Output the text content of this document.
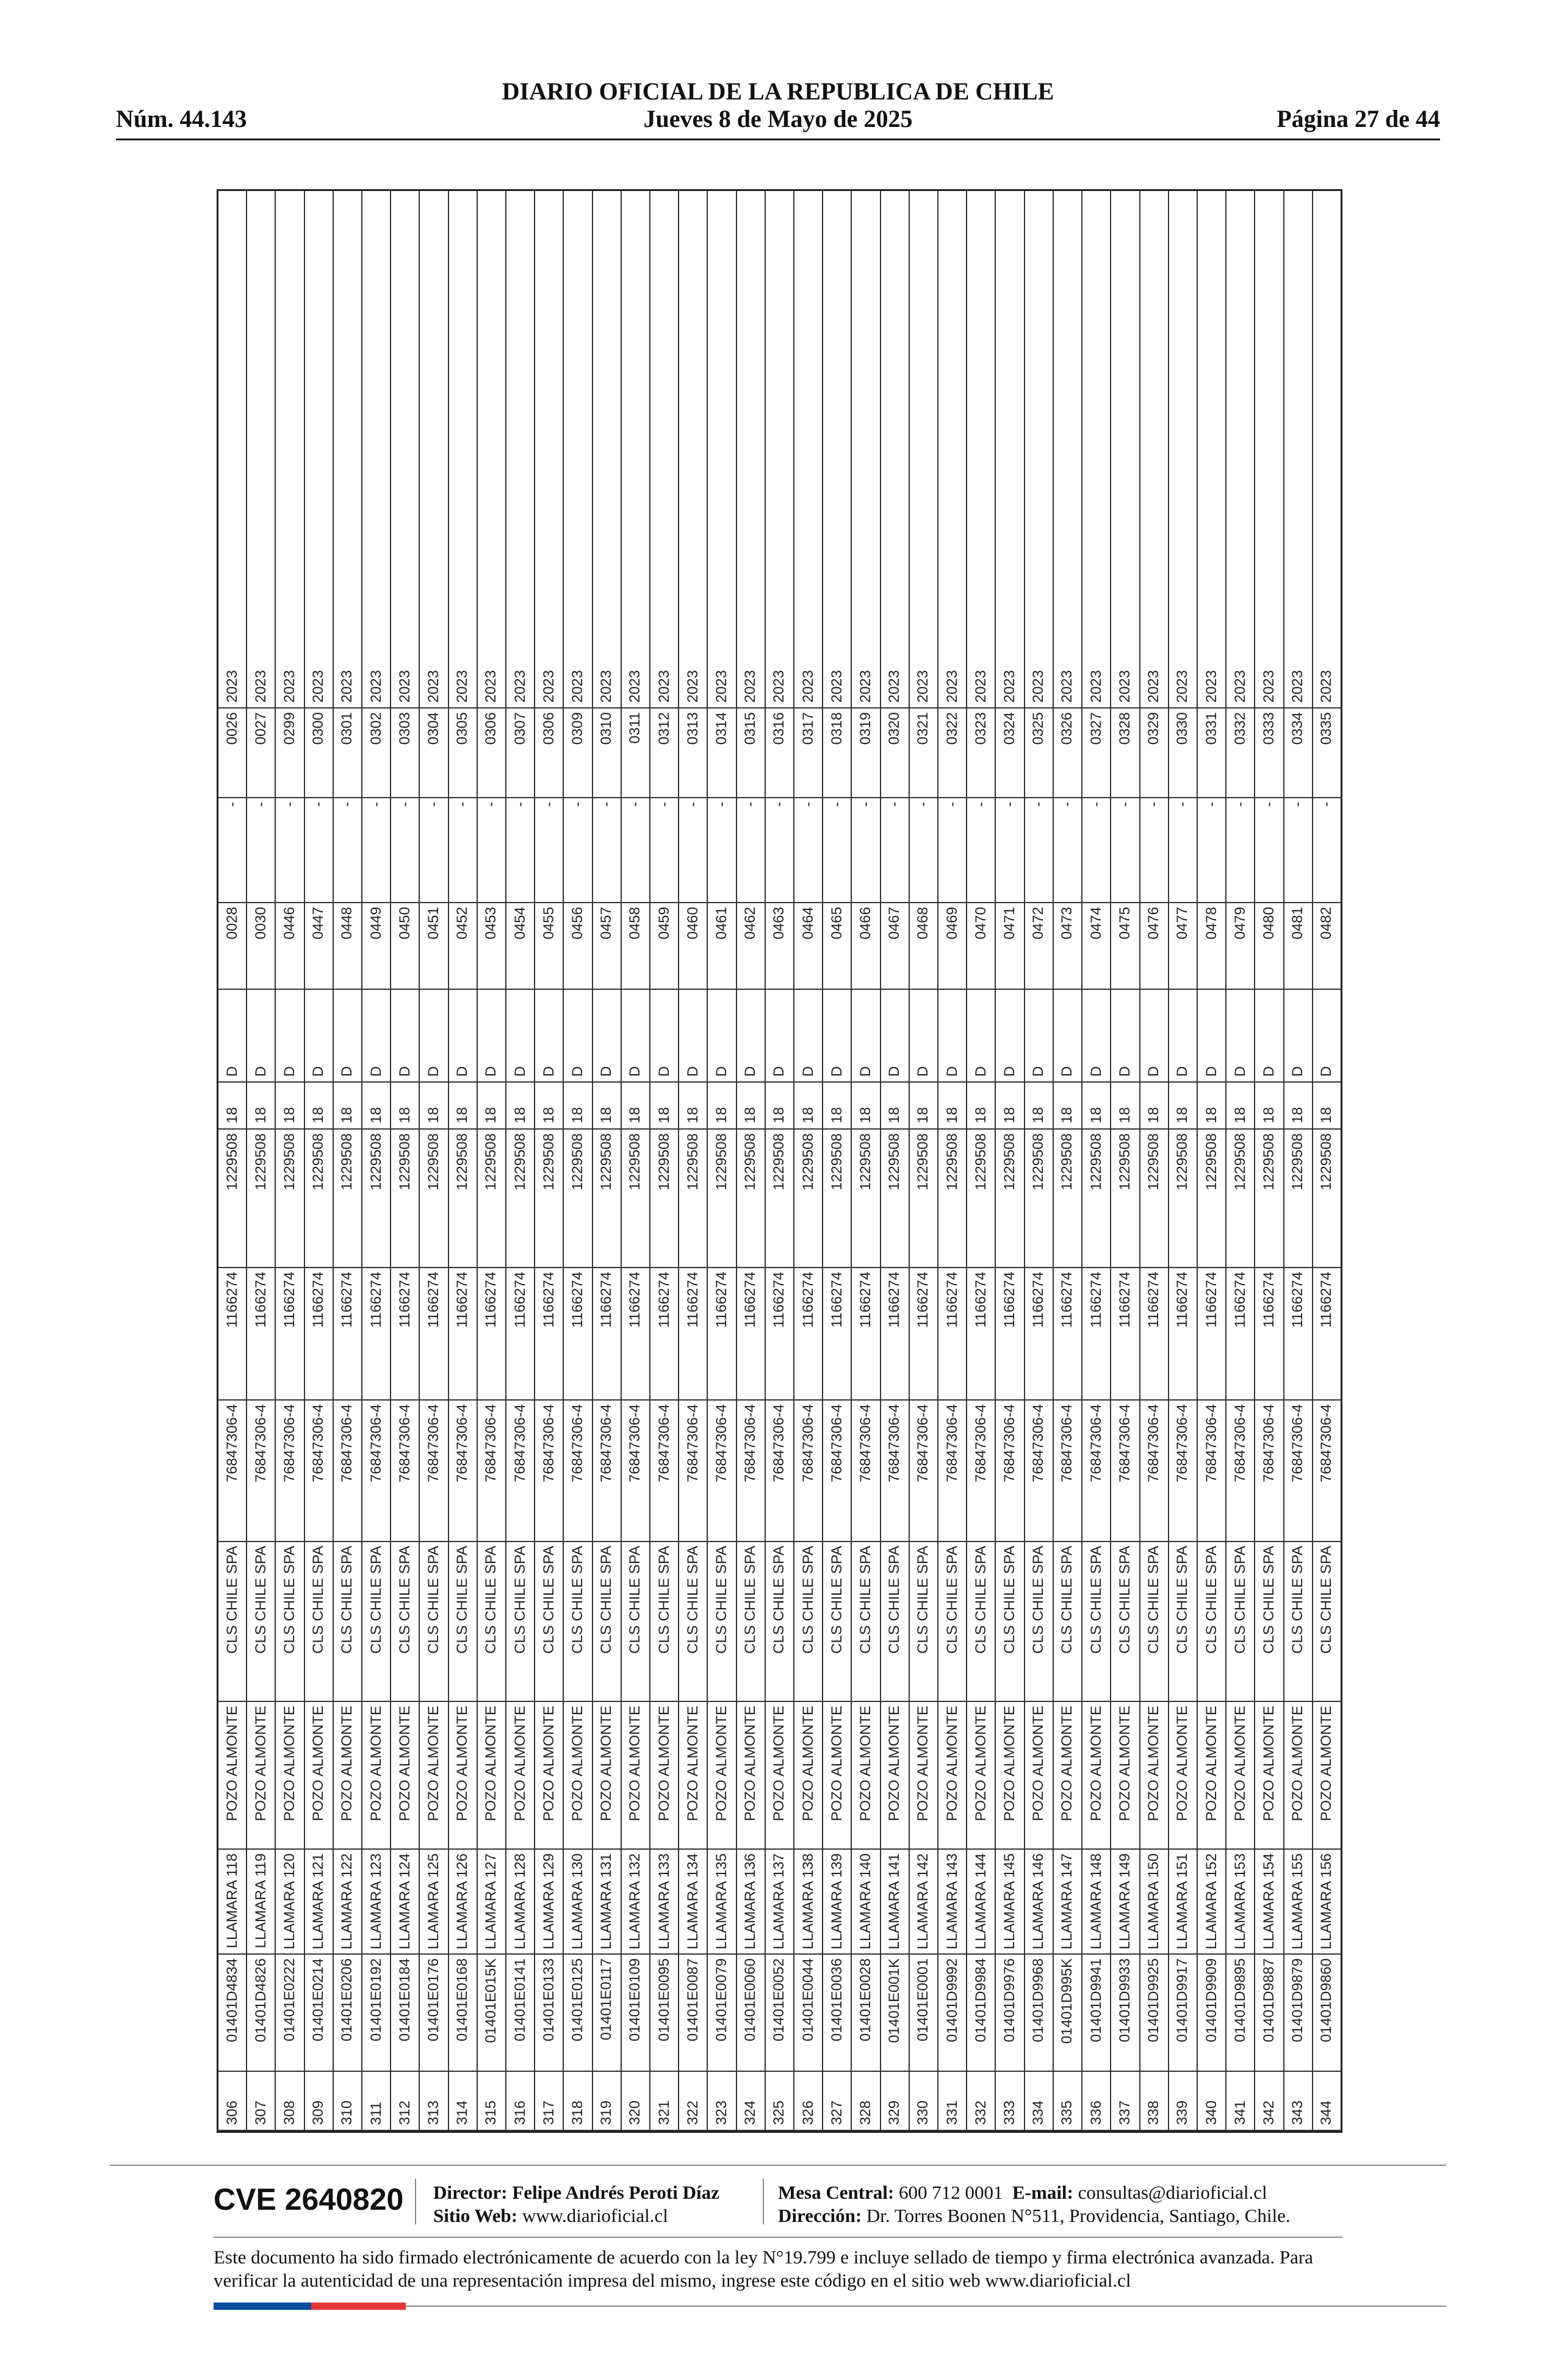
Núm. 44.143
DIARIO OFICIAL DE LA REPUBLICA DE CHILE
Jueves 8 de Mayo de 2025	Página 27 de 44
306
01401D4834
LLAMARA 118
POZO ALMONTE
CLS CHILE SPA
76847306-4
1166274
1229508
18
D
0028
-
0026
2023
307
01401D4826
LLAMARA 119
POZO ALMONTE
CLS CHILE SPA
76847306-4
1166274
1229508
18
D
0030
-
0027
2023
308
01401E0222
LLAMARA 120
POZO ALMONTE
CLS CHILE SPA
76847306-4
1166274
1229508
18
D
0446
-
0299
2023
309
01401E0214
LLAMARA 121
POZO ALMONTE
CLS CHILE SPA
76847306-4
1166274
1229508
18
D
0447
-
0300
2023
310
01401E0206
LLAMARA 122
POZO ALMONTE
CLS CHILE SPA
76847306-4
1166274
1229508
18
D
0448
-
0301
2023
311
01401E0192
LLAMARA 123
POZO ALMONTE
CLS CHILE SPA
76847306-4
1166274
1229508
18
D
0449
-
0302
2023
312
01401E0184
LLAMARA 124
POZO ALMONTE
CLS CHILE SPA
76847306-4
1166274
1229508
18
D
0450
-
0303
2023
313
01401E0176
LLAMARA 125
POZO ALMONTE
CLS CHILE SPA
76847306-4
1166274
1229508
18
D
0451
-
0304
2023
314
01401E0168
LLAMARA 126
POZO ALMONTE
CLS CHILE SPA
76847306-4
1166274
1229508
18
D
0452
-
0305
2023
315
01401E015K
LLAMARA 127
POZO ALMONTE
CLS CHILE SPA
76847306-4
1166274
1229508
18
D
0453
-
0306
2023
316
01401E0141
LLAMARA 128
POZO ALMONTE
CLS CHILE SPA
76847306-4
1166274
1229508
18
D
0454
-
0307
2023
317
01401E0133
LLAMARA 129
POZO ALMONTE
CLS CHILE SPA
76847306-4
1166274
1229508
18
D
0455
-
0306
2023
318
01401E0125
LLAMARA 130
POZO ALMONTE
CLS CHILE SPA
76847306-4
1166274
1229508
18
D
0456
-
0309
2023
319
01401E0117
LLAMARA 131
POZO ALMONTE
CLS CHILE SPA
76847306-4
1166274
1229508
18
D
0457
-
0310
2023
320
01401E0109
LLAMARA 132
POZO ALMONTE
CLS CHILE SPA
76847306-4
1166274
1229508
18
D
0458
-
0311
2023
321
01401E0095
LLAMARA 133
POZO ALMONTE
CLS CHILE SPA
76847306-4
1166274
1229508
18
D
0459
-
0312
2023
322
01401E0087
LLAMARA 134
POZO ALMONTE
CLS CHILE SPA
76847306-4
1166274
1229508
18
D
0460
-
0313
2023
323
01401E0079
LLAMARA 135
POZO ALMONTE
CLS CHILE SPA
76847306-4
1166274
1229508
18
D
0461
-
0314
2023
324
01401E0060
LLAMARA 136
POZO ALMONTE
CLS CHILE SPA
76847306-4
1166274
1229508
18
D
0462
-
0315
2023
325
01401E0052
LLAMARA 137
POZO ALMONTE
CLS CHILE SPA
76847306-4
1166274
1229508
18
D
0463
-
0316
2023
326
01401E0044
LLAMARA 138
POZO ALMONTE
CLS CHILE SPA
76847306-4
1166274
1229508
18
D
0464
-
0317
2023
327
01401E0036
LLAMARA 139
POZO ALMONTE
CLS CHILE SPA
76847306-4
1166274
1229508
18
D
0465
-
0318
2023
328
01401E0028
LLAMARA 140
POZO ALMONTE
CLS CHILE SPA
76847306-4
1166274
1229508
18
D
0466
-
0319
2023
329
01401E001K
LLAMARA 141
POZO ALMONTE
CLS CHILE SPA
76847306-4
1166274
1229508
18
D
0467
-
0320
2023
330
01401E0001
LLAMARA 142
POZO ALMONTE
CLS CHILE SPA
76847306-4
1166274
1229508
18
D
0468
-
0321
2023
331
01401D9992
LLAMARA 143
POZO ALMONTE
CLS CHILE SPA
76847306-4
1166274
1229508
18
D
0469
-
0322
2023
332
01401D9984
LLAMARA 144
POZO ALMONTE
CLS CHILE SPA
76847306-4
1166274
1229508
18
D
0470
-
0323
2023
333
01401D9976
LLAMARA 145
POZO ALMONTE
CLS CHILE SPA
76847306-4
1166274
1229508
18
D
0471
-
0324
2023
334
01401D9968
LLAMARA 146
POZO ALMONTE
CLS CHILE SPA
76847306-4
1166274
1229508
18
D
0472
-
0325
2023
335
01401D995K
LLAMARA 147
POZO ALMONTE
CLS CHILE SPA
76847306-4
1166274
1229508
18
D
0473
-
0326
2023
336
01401D9941
LLAMARA 148
POZO ALMONTE
CLS CHILE SPA
76847306-4
1166274
1229508
18
D
0474
-
0327
2023
337
01401D9933
LLAMARA 149
POZO ALMONTE
CLS CHILE SPA
76847306-4
1166274
1229508
18
D
0475
-
0328
2023
338
01401D9925
LLAMARA 150
POZO ALMONTE
CLS CHILE SPA
76847306-4
1166274
1229508
18
D
0476
-
0329
2023
339
01401D9917
LLAMARA 151
POZO ALMONTE
CLS CHILE SPA
76847306-4
1166274
1229508
18
D
0477
-
0330
2023
340
01401D9909
LLAMARA 152
POZO ALMONTE
CLS CHILE SPA
76847306-4
1166274
1229508
18
D
0478
-
0331
2023
341
01401D9895
LLAMARA 153
POZO ALMONTE
CLS CHILE SPA
76847306-4
1166274
1229508
18
D
0479
-
0332
2023
342
01401D9887
LLAMARA 154
POZO ALMONTE
CLS CHILE SPA
76847306-4
1166274
1229508
18
D
0480
-
0333
2023
343
01401D9879
LLAMARA 155
POZO ALMONTE
CLS CHILE SPA
76847306-4
1166274
1229508
18
D
0481
-
0334
2023
344
01401D9860
LLAMARA 156
POZO ALMONTE
CLS CHILE SPA
76847306-4
1166274
1229508
18
D
0482
-
0335
2023
CVE 2640820 Director: Felipe Andrés Peroti Díaz
Sitio Web: www.diarioficial.cl
Mesa Central: 600 712 0001 E-mail: consultas@diarioficial.cl
Dirección: Dr. Torres Boonen N°511, Providencia, Santiago, Chile.
Este documento ha sido firmado electrónicamente de acuerdo con la ley N°19.799 e incluye sellado de tiempo y firma electrónica avanzada. Para verificar la autenticidad de una representación impresa del mismo, ingrese este código en el sitio web www.diarioficial.cl
